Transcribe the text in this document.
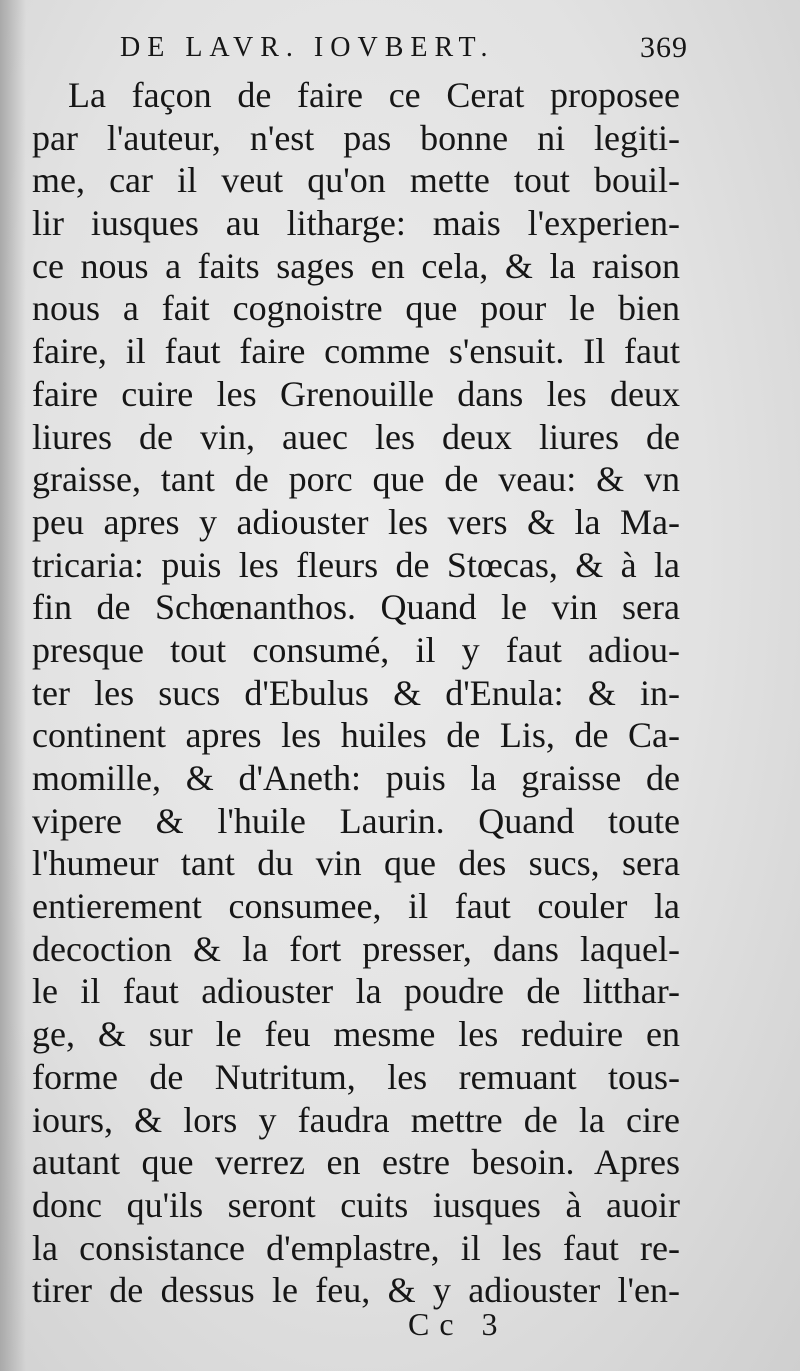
DE LAVR. IOVBERT.	369
La façon de faire ce Cerat proposee
par l'auteur, n'est pas bonne ni legiti-
me, car il veut qu'on mette tout bouil-
lir iusques au litharge: mais l'experien-
ce nous a faits sages en cela, & la raison
nous a fait cognoistre que pour le bien
faire, il faut faire comme s'ensuit. Il faut
faire cuire les Grenouille dans les deux
liures de vin, auec les deux liures de
graisse, tant de porc que de veau: & vn
peu apres y adiouster les vers & la Ma-
tricaria: puis les fleurs de Stœcas, & à la
fin de Schœnanthos. Quand le vin sera
presque tout consumé, il y faut adiou-
ter les sucs d'Ebulus & d'Enula: & in-
continent apres les huiles de Lis, de Ca-
momille, & d'Aneth: puis la graisse de
vipere & l'huile Laurin. Quand toute
l'humeur tant du vin que des sucs, sera
entierement consumee, il faut couler la
decoction & la fort presser, dans laquel-
le il faut adiouster la poudre de litthar-
ge, & sur le feu mesme les reduire en
forme de Nutritum, les remuant tous-
iours, & lors y faudra mettre de la cire
autant que verrez en estre besoin. Apres
donc qu'ils seront cuits iusques à auoir
la consistance d'emplastre, il les faut re-
tirer de dessus le feu, & y adiouster l'en-
Cc 3
